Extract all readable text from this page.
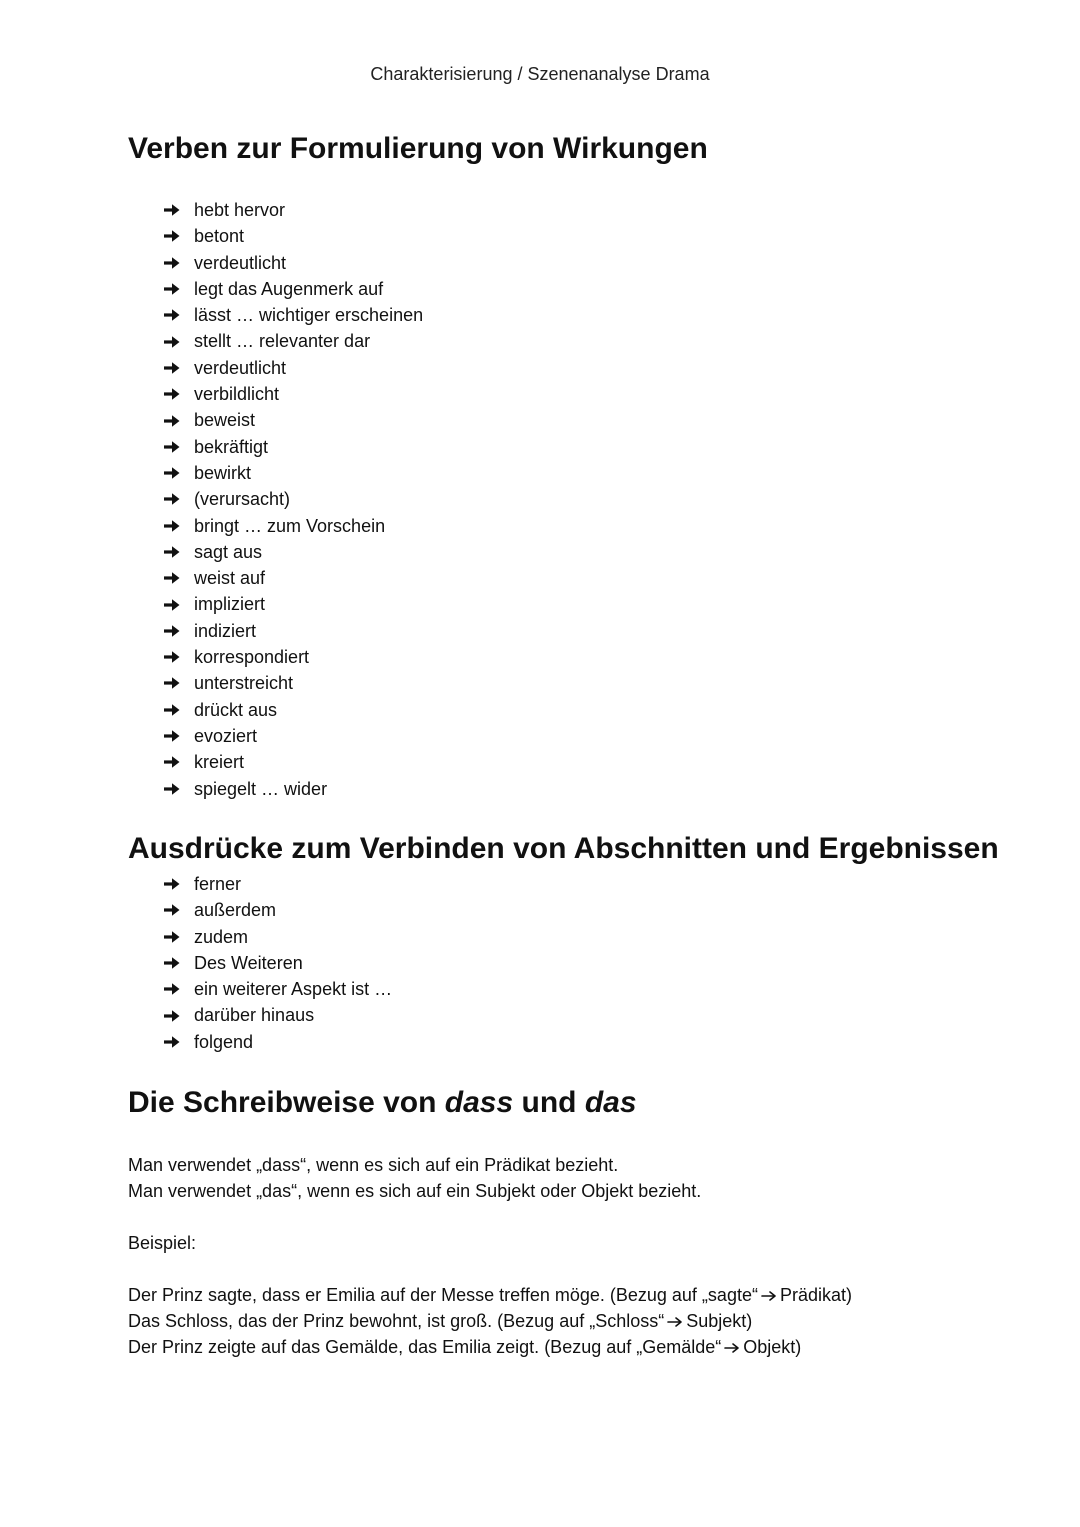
Charakterisierung / Szenenanalyse Drama

Verben zur Formulierung von Wirkungen
hebt hervor
betont
verdeutlicht
legt das Augenmerk auf
lässt … wichtiger erscheinen
stellt … relevanter dar
verdeutlicht
verbildlicht
beweist
bekräftigt
bewirkt
(verursacht)
bringt … zum Vorschein
sagt aus
weist auf
impliziert
indiziert
korrespondiert
unterstreicht
drückt aus
evoziert
kreiert
spiegelt … wider
Ausdrücke zum Verbinden von Abschnitten und Ergebnissen
ferner
außerdem
zudem
Des Weiteren
ein weiterer Aspekt ist …
darüber hinaus
folgend
Die Schreibweise von dass und das

Man verwendet „dass“, wenn es sich auf ein Prädikat bezieht.

Man verwendet „das“, wenn es sich auf ein Subjekt oder Objekt bezieht.

Beispiel:

Der Prinz sagte, dass er Emilia auf der Messe treffen möge. (Bezug auf „sagte“ Prädikat)

Das Schloss, das der Prinz bewohnt, ist groß. (Bezug auf „Schloss“ Subjekt)

Der Prinz zeigte auf das Gemälde, das Emilia zeigt. (Bezug auf „Gemälde“ Objekt)
